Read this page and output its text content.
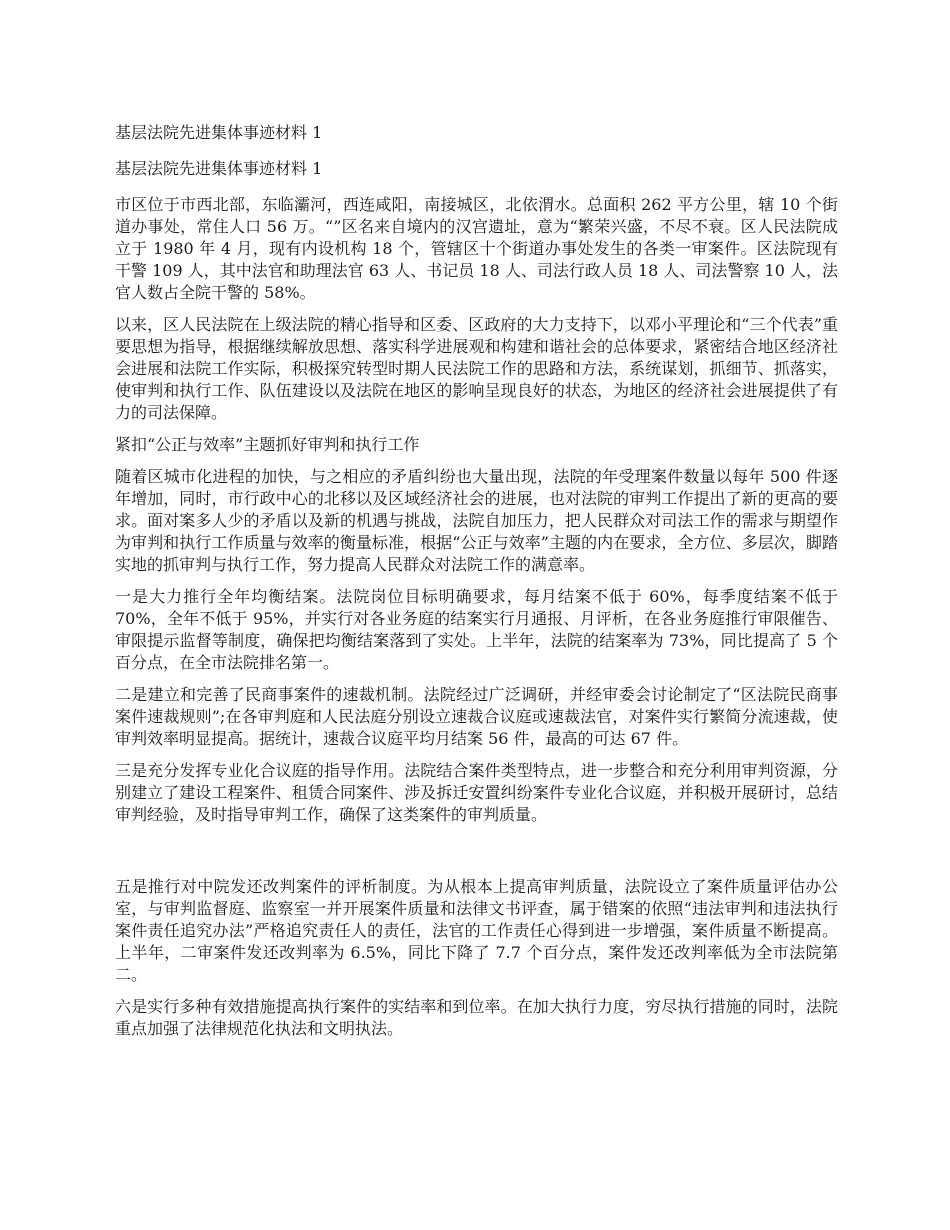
基层法院先进集体事迹材料 1

基层法院先进集体事迹材料 1

市区位于市西北部，东临灞河，西连咸阳，南接城区，北依渭水。总面积 262 平方公里，辖 10 个街道办事处，常住人口 56 万。“”区名来自境内的汉宫遗址，意为“繁荣兴盛，不尽不衰。区人民法院成立于 1980 年 4 月，现有内设机构 18 个，管辖区十个街道办事处发生的各类一审案件。区法院现有干警 109 人，其中法官和助理法官 63 人、书记员 18 人、司法行政人员 18 人、司法警察 10 人，法官人数占全院干警的 58%。

以来，区人民法院在上级法院的精心指导和区委、区政府的大力支持下，以邓小平理论和“三个代表”重要思想为指导，根据继续解放思想、落实科学进展观和构建和谐社会的总体要求，紧密结合地区经济社会进展和法院工作实际，积极探究转型时期人民法院工作的思路和方法，系统谋划，抓细节、抓落实，使审判和执行工作、队伍建设以及法院在地区的影响呈现良好的状态，为地区的经济社会进展提供了有力的司法保障。

紧扣“公正与效率”主题抓好审判和执行工作

随着区城市化进程的加快，与之相应的矛盾纠纷也大量出现，法院的年受理案件数量以每年 500 件逐年增加，同时，市行政中心的北移以及区域经济社会的进展，也对法院的审判工作提出了新的更高的要求。面对案多人少的矛盾以及新的机遇与挑战，法院自加压力，把人民群众对司法工作的需求与期望作为审判和执行工作质量与效率的衡量标准，根据“公正与效率”主题的内在要求，全方位、多层次，脚踏实地的抓审判与执行工作，努力提高人民群众对法院工作的满意率。

一是大力推行全年均衡结案。法院岗位目标明确要求，每月结案不低于 60%，每季度结案不低于 70%，全年不低于 95%，并实行对各业务庭的结案实行月通报、月评析，在各业务庭推行审限催告、审限提示监督等制度，确保把均衡结案落到了实处。上半年，法院的结案率为 73%，同比提高了 5 个百分点，在全市法院排名第一。

二是建立和完善了民商事案件的速裁机制。法院经过广泛调研，并经审委会讨论制定了“区法院民商事案件速裁规则”;在各审判庭和人民法庭分别设立速裁合议庭或速裁法官，对案件实行繁简分流速裁，使审判效率明显提高。据统计，速裁合议庭平均月结案 56 件，最高的可达 67 件。

三是充分发挥专业化合议庭的指导作用。法院结合案件类型特点，进一步整合和充分利用审判资源，分别建立了建设工程案件、租赁合同案件、涉及拆迁安置纠纷案件专业化合议庭，并积极开展研讨，总结审判经验，及时指导审判工作，确保了这类案件的审判质量。

五是推行对中院发还改判案件的评析制度。为从根本上提高审判质量，法院设立了案件质量评估办公室，与审判监督庭、监察室一并开展案件质量和法律文书评查，属于错案的依照“违法审判和违法执行案件责任追究办法”严格追究责任人的责任，法官的工作责任心得到进一步增强，案件质量不断提高。上半年，二审案件发还改判率为 6.5%，同比下降了 7.7 个百分点，案件发还改判率低为全市法院第二。

六是实行多种有效措施提高执行案件的实结率和到位率。在加大执行力度，穷尽执行措施的同时，法院重点加强了法律规范化执法和文明执法。
